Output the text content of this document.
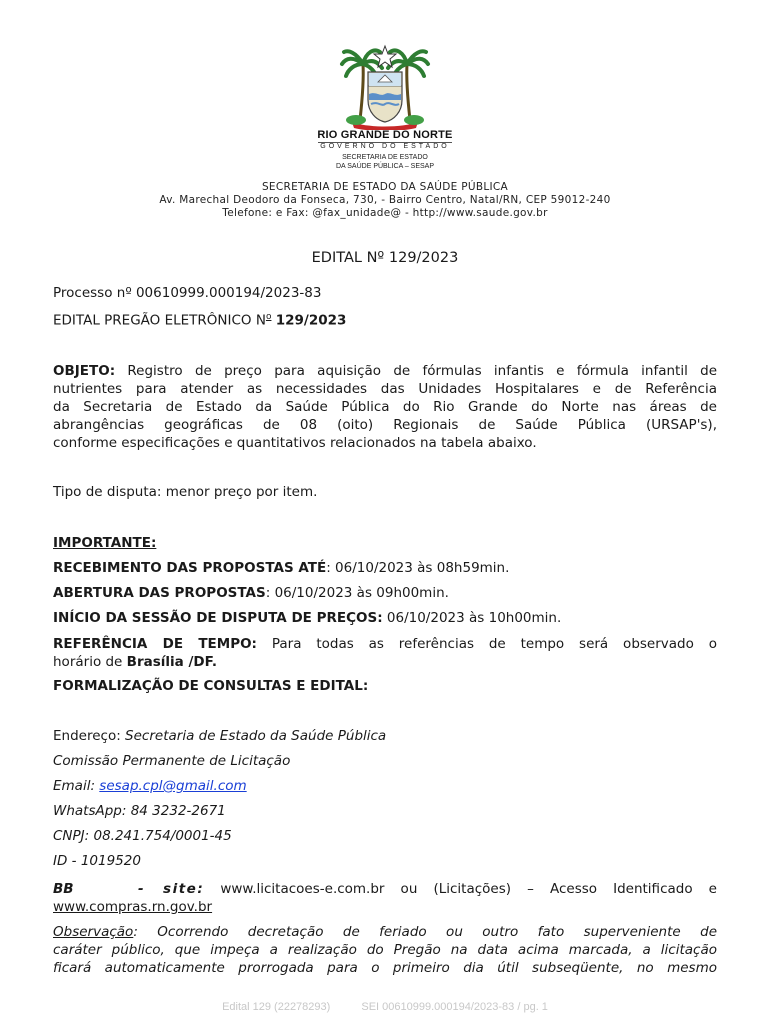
RIO GRANDE DO NORTE
GOVERNO DO ESTADO
SECRETARIA DE ESTADO
DA SAÚDE PÚBLICA – SESAP
SECRETARIA DE ESTADO DA SAÚDE PÚBLICA
Av. Marechal Deodoro da Fonseca, 730, - Bairro Centro, Natal/RN, CEP 59012-240
Telefone: e Fax: @fax_unidade@ - http://www.saude.gov.br
EDITAL Nº 129/2023
Processo nº 00610999.000194/2023-83
EDITAL PREGÃO ELETRÔNICO $N^o$ 129/2023
OBJETO: Registro de preço para aquisição de fórmulas infantis e fórmula infantil de
nutrientes para atender as necessidades das Unidades Hospitalares e de Referência
da Secretaria de Estado da Saúde Pública do Rio Grande do Norte nas áreas de
abrangências geográficas de 08 (oito) Regionais de Saúde Pública (URSAP's),
conforme especificações e quantitativos relacionados na tabela abaixo.
Tipo de disputa: menor preço por item.
IMPORTANTE:
RECEBIMENTO DAS PROPOSTAS ATÉ: 06/10/2023 às 08h59min.
ABERTURA DAS PROPOSTAS: 06/10/2023 às 09h00min.
INÍCIO DA SESSÃO DE DISPUTA DE PREÇOS: 06/10/2023 às 10h00min.
REFERÊNCIA DE TEMPO: Para todas as referências de tempo será observado o
horário de Brasília /DF.
FORMALIZAÇÃO DE CONSULTAS E EDITAL:
Endereço: Secretaria de Estado da Saúde Pública
Comissão Permanente de Licitação
Email: sesap.cpl@gmail.com
WhatsApp: 84 3232-2671
CNPJ: 08.241.754/0001-45
ID - 1019520
BB	- site: www.licitacoes-e.com.br ou (Licitações) – Acesso Identificado e
www.compras.rn.gov.br
Observação: Ocorrendo decretação de feriado ou outro fato superveniente de
caráter público, que impeça a realização do Pregão na data acima marcada, a licitação
ficará automaticamente prorrogada para o primeiro dia útil subseqüente, no mesmo
Edital 129 (22278293)	SEI 00610999.000194/2023-83 / pg. 1
